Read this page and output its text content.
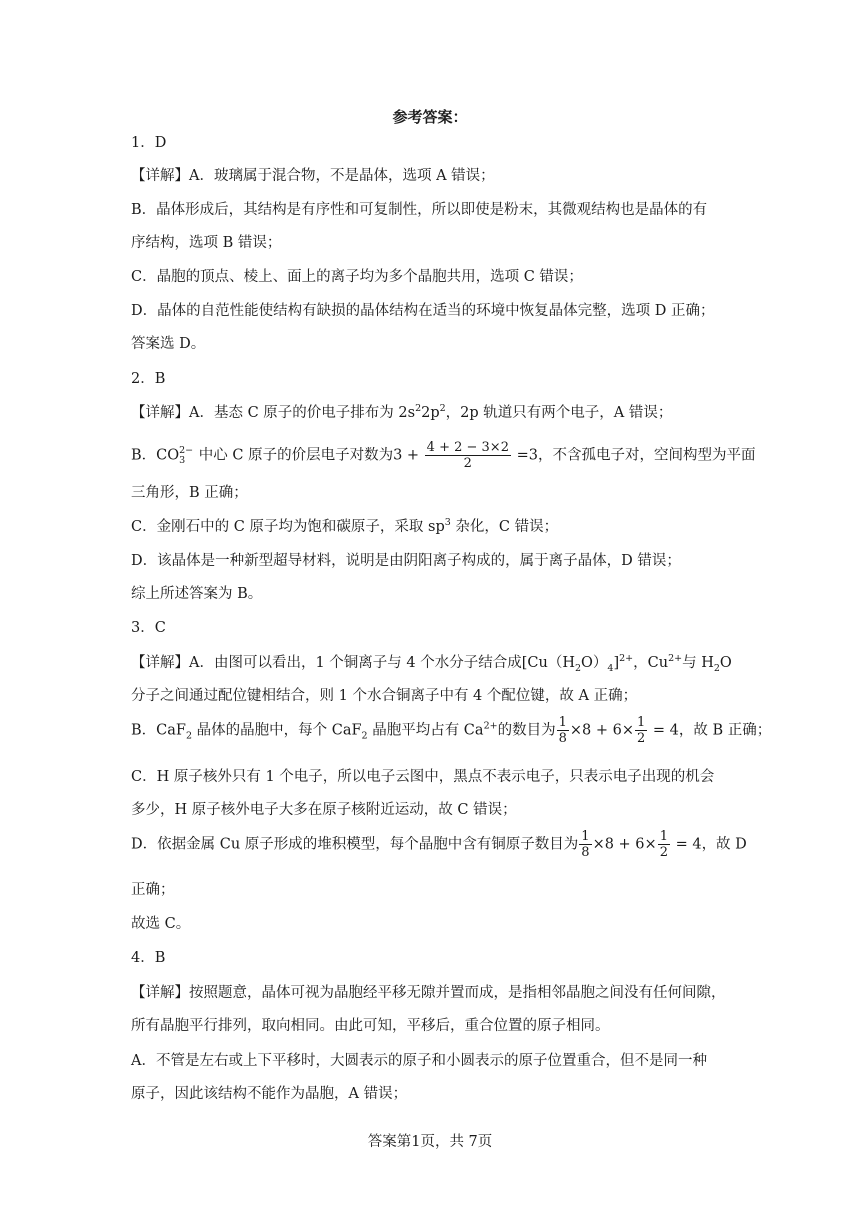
参考答案：
1．D
【详解】A．玻璃属于混合物，不是晶体，选项 A 错误；
B．晶体形成后，其结构是有序性和可复制性，所以即使是粉末，其微观结构也是晶体的有
序结构，选项 B 错误；
C．晶胞的顶点、棱上、面上的离子均为多个晶胞共用，选项 C 错误；
D．晶体的自范性能使结构有缺损的晶体结构在适当的环境中恢复晶体完整，选项 D 正确；
答案选 D。
2．B
【详解】A．基态 C 原子的价电子排布为 $2s^22p^2$，2p 轨道只有两个电子，A 错误；
B．CO 2−
3 中心 C 原子的价层电子对数为$3 + \frac{4 + 2 - 3\times 2}{2} =3$，不含孤电子对，空间构型为平面
三角形，B 正确；
C．金刚石中的 C 原子均为饱和碳原子，采取 $sp^3$ 杂化，C 错误；
D．该晶体是一种新型超导材料，说明是由阴阳离子构成的，属于离子晶体，D 错误；
综上所述答案为 B。
3．C
【详解】A．由图可以看出，1 个铜离子与 4 个水分子结合成$[Cu(H_2O)_4]^{2+}$，$Cu^{2+}$与 $H_2O$
分子之间通过配位键相结合，则 1 个水合铜离子中有 4 个配位键，故 A 正确；
B．CaF$_2$ 晶体的晶胞中，每个 CaF$_2$ 晶胞平均占有 $Ca^{2+}$的数目为 $\frac{1}{8} \times 8 + 6\times \frac{1}{2} = 4$，故 B 正确；
C．H 原子核外只有 1 个电子，所以电子云图中，黑点不表示电子，只表示电子出现的机会
多少，H 原子核外电子大多在原子核附近运动，故 C 错误；
D．依据金属 Cu 原子形成的堆积模型，每个晶胞中含有铜原子数目为 $\frac{1}{8} \times 8 + 6\times \frac{1}{2} = 4$，故 D
正确；
故选 C。
4．B
【详解】按照题意，晶体可视为晶胞经平移无隙并置而成，是指相邻晶胞之间没有任何间隙，
所有晶胞平行排列，取向相同。由此可知，平移后，重合位置的原子相同。
A．不管是左右或上下平移时，大圆表示的原子和小圆表示的原子位置重合，但不是同一种
原子，因此该结构不能作为晶胞，A 错误；
答案第1页，共 7页
